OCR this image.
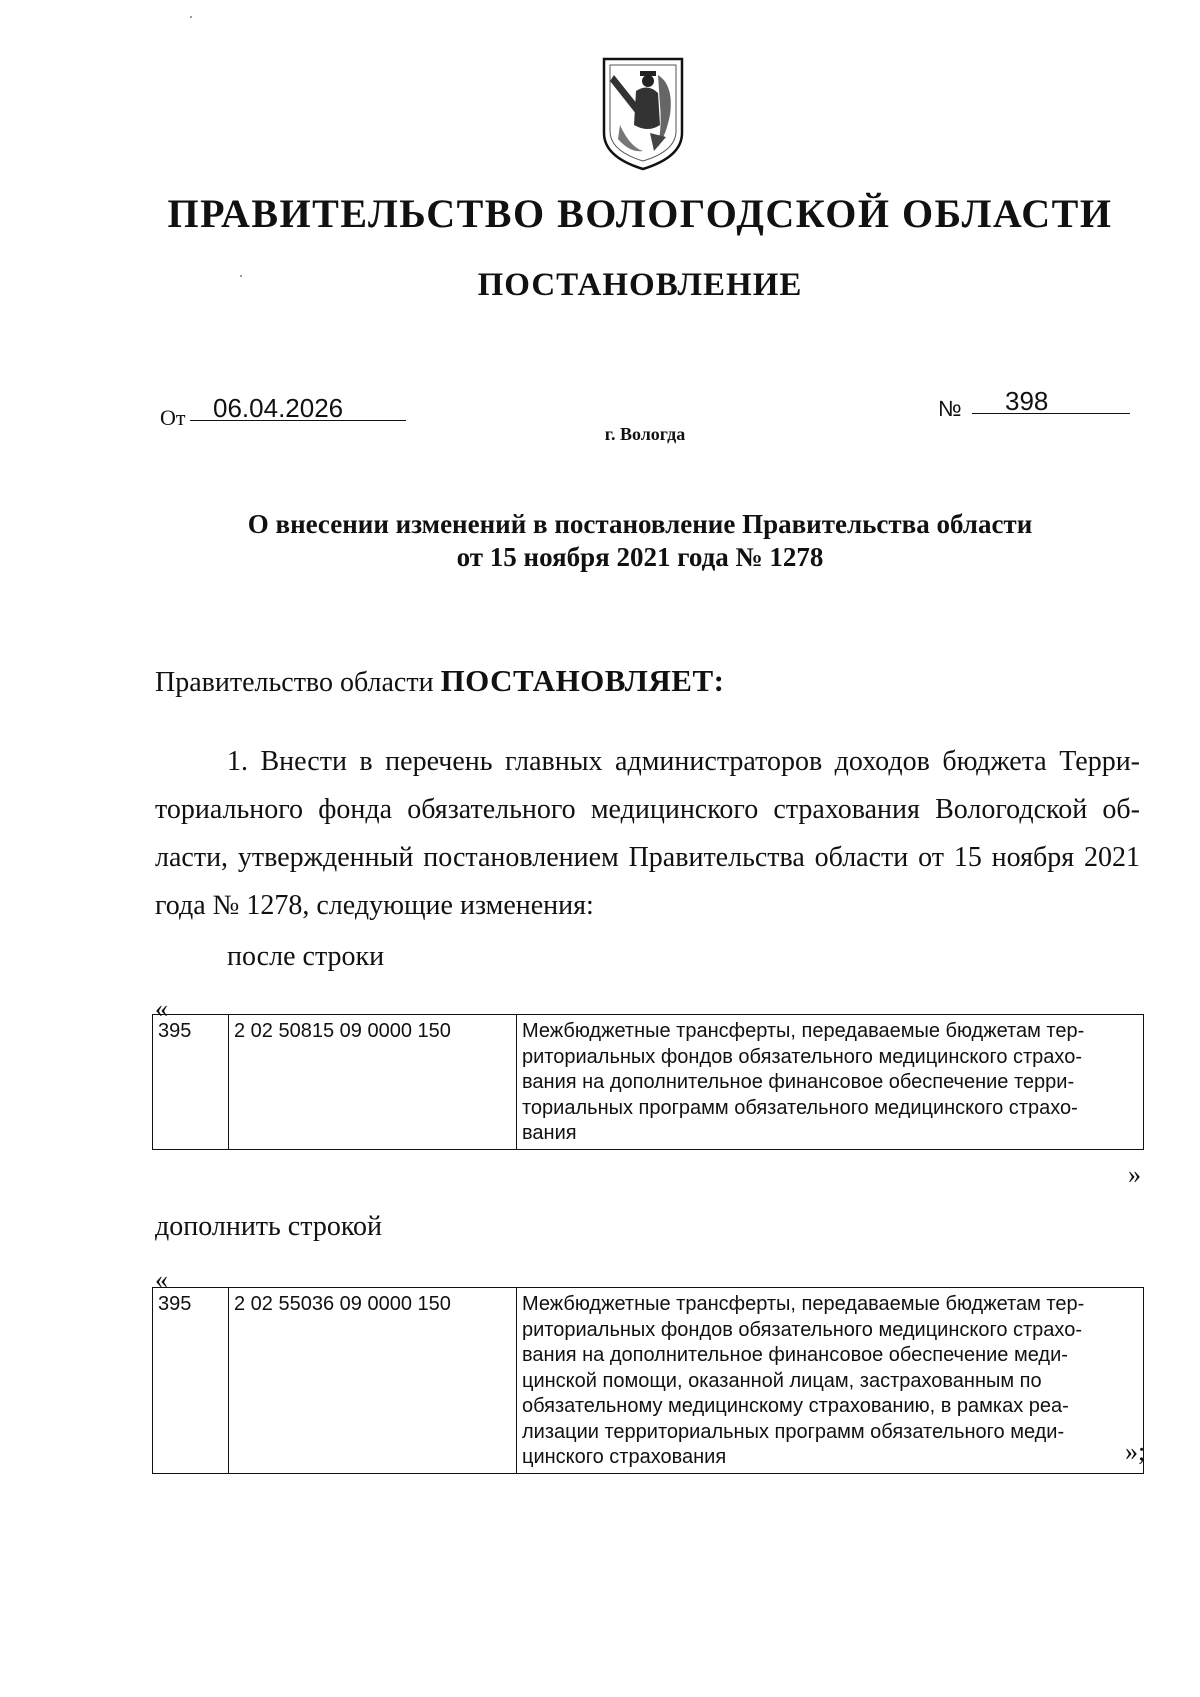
ПРАВИТЕЛЬСТВО ВОЛОГОДСКОЙ ОБЛАСТИ
ПОСТАНОВЛЕНИЕ
От 06.04.2026	№ 398
г. Вологда
О внесении изменений в постановление Правительства области
от 15 ноября 2021 года № 1278
Правительство области ПОСТАНОВЛЯЕТ:
1. Внести в перечень главных администраторов доходов бюджета Терри-
ториального фонда обязательного медицинского страхования Вологодской об-
ласти, утвержденный постановлением Правительства области от 15 ноября 2021
года № 1278, следующие изменения:
после строки
«
395	2 02 50815 09 0000 150	Межбюджетные трансферты, передаваемые бюджетам тер-
риториальных фондов обязательного медицинского страхо-
вания на дополнительное финансовое обеспечение терри-
ториальных программ обязательного медицинского страхо-
вания
»
дополнить строкой
«
395	2 02 55036 09 0000 150	Межбюджетные трансферты, передаваемые бюджетам тер-
риториальных фондов обязательного медицинского страхо-
вания на дополнительное финансовое обеспечение меди-
цинской помощи, оказанной лицам, застрахованным по
обязательному медицинскому страхованию, в рамках реа-
лизации территориальных программ обязательного меди-
цинского страхования	»;
